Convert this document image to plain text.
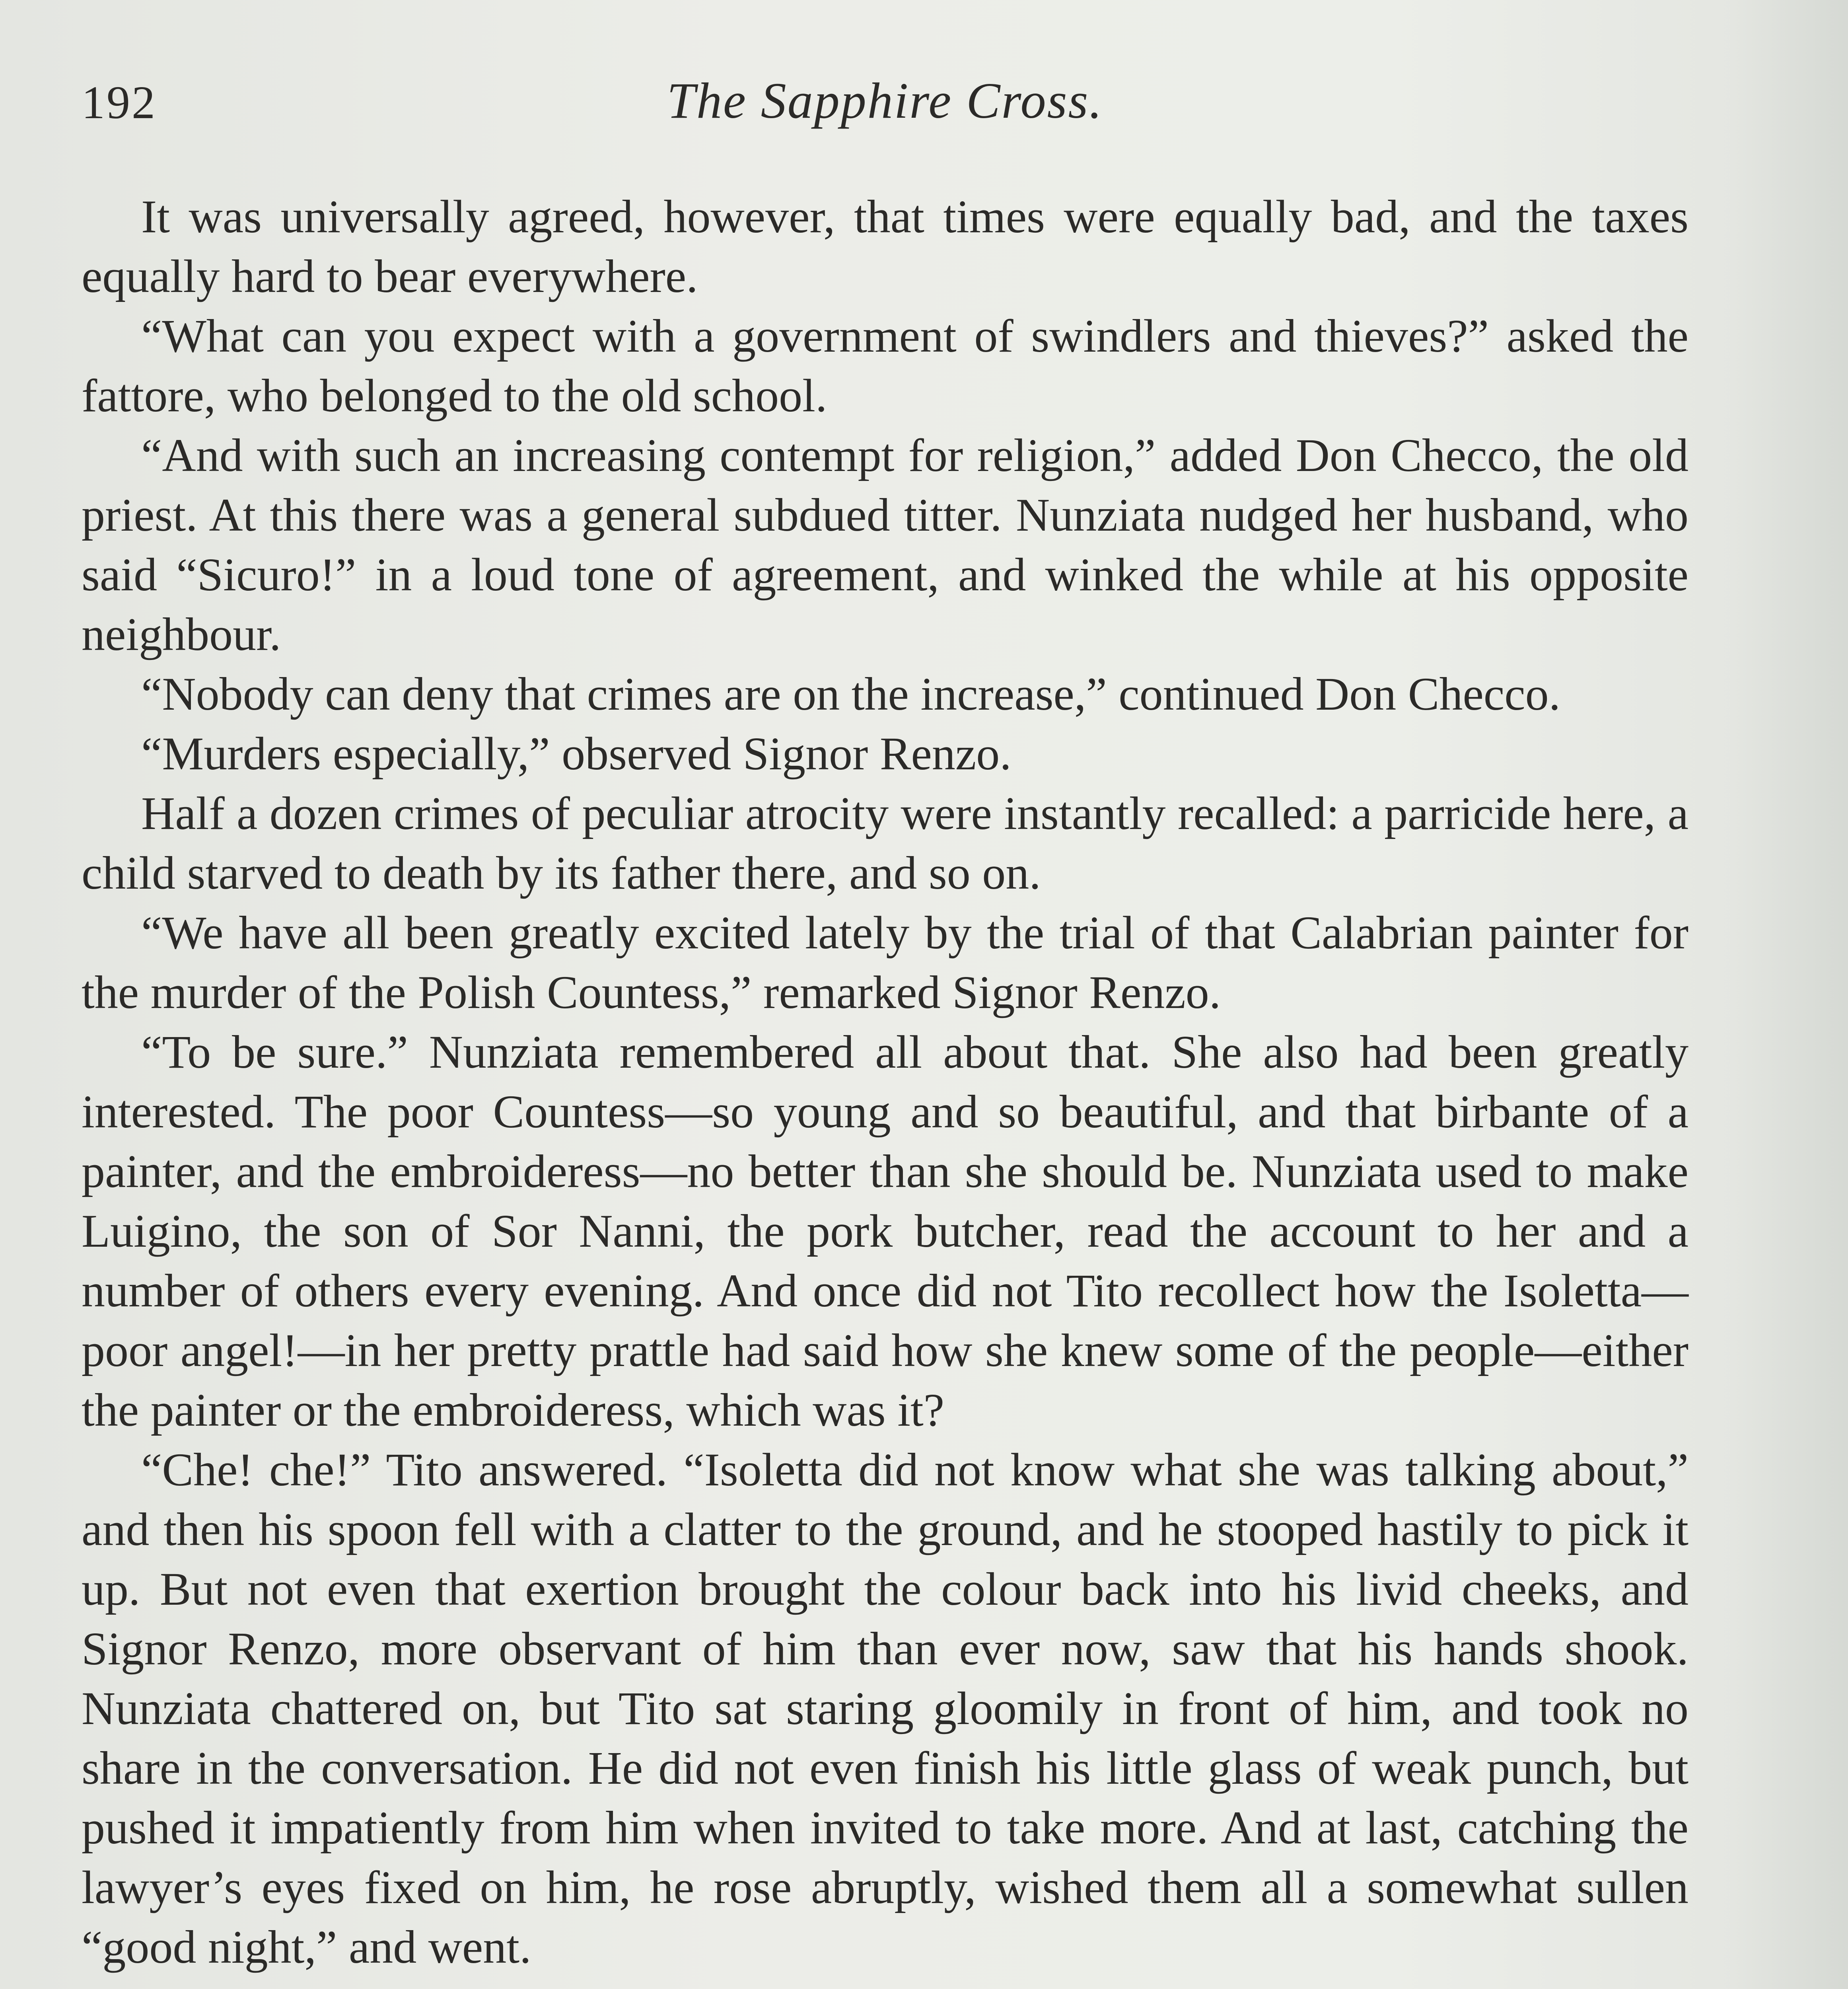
192	The Sapphire Cross.

It was universally agreed, however, that times were equally bad, and the taxes equally hard to bear everywhere.

“What can you expect with a government of swindlers and thieves?” asked the fattore, who belonged to the old school.

“And with such an increasing contempt for religion,” added Don Checco, the old priest. At this there was a general subdued titter. Nunziata nudged her husband, who said “Sicuro!” in a loud tone of agreement, and winked the while at his opposite neighbour.

“Nobody can deny that crimes are on the increase,” continued Don Checco.

“Murders especially,” observed Signor Renzo.

Half a dozen crimes of peculiar atrocity were instantly recalled: a parricide here, a child starved to death by its father there, and so on.

“We have all been greatly excited lately by the trial of that Calabrian painter for the murder of the Polish Countess,” remarked Signor Renzo.

“To be sure.” Nunziata remembered all about that. She also had been greatly interested. The poor Countess—so young and so beautiful, and that birbante of a painter, and the embroideress—no better than she should be. Nunziata used to make Luigino, the son of Sor Nanni, the pork butcher, read the account to her and a number of others every evening. And once did not Tito recollect how the Isoletta—poor angel!—in her pretty prattle had said how she knew some of the people—either the painter or the embroideress, which was it?

“Che! che!” Tito answered. “Isoletta did not know what she was talking about,” and then his spoon fell with a clatter to the ground, and he stooped hastily to pick it up. But not even that exertion brought the colour back into his livid cheeks, and Signor Renzo, more observant of him than ever now, saw that his hands shook. Nunziata chattered on, but Tito sat staring gloomily in front of him, and took no share in the conversation. He did not even finish his little glass of weak punch, but pushed it impatiently from him when invited to take more. And at last, catching the lawyer’s eyes fixed on him, he rose abruptly, wished them all a somewhat sullen “good night,” and went.
